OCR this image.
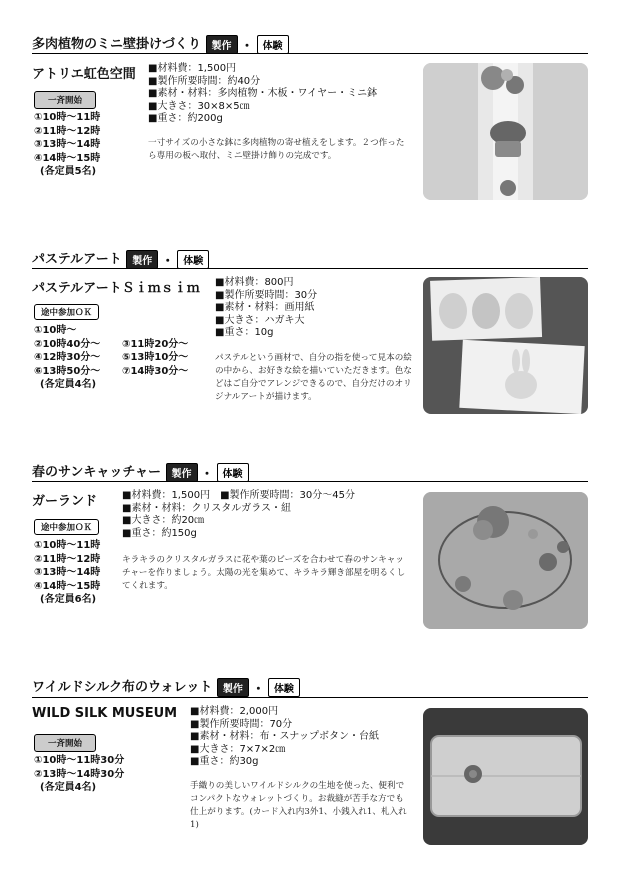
多肉植物のミニ壁掛けづくり 製作 ・ 体験
アトリエ虹色空間
一斉開始
①10時～11時
②11時～12時
③13時～14時
④14時～15時
(各定員5名)
■材料費：1,500円
■製作所要時間：約40分
■素材・材料：多肉植物・木板・ワイヤー・ミニ鉢
■大きさ：30×8×5㎝
■重さ：約200g
一寸サイズの小さな鉢に多肉植物の寄せ植えをします。２つ作ったら専用の板へ取付、ミニ壁掛け飾りの完成です。
パステルアート 製作 ・ 体験
パステルアートＳｉｍｓｉｍ
途中参加ＯＫ
①10時～
②10時40分～
④12時30分～
⑥13時50分～
(各定員4名)
③11時20分～
⑤13時10分～
⑦14時30分～
■材料費：800円
■製作所要時間：30分
■素材・材料：画用紙
■大きさ：ハガキ大
■重さ：10g
パステルという画材で、自分の指を使って見本の絵の中から、お好きな絵を描いていただきます。色などはご自分でアレンジできるので、自分だけのオリジナルアートが描けます。
春のサンキャッチャー 製作 ・ 体験
ガーランド
途中参加ＯＫ
①10時～11時
②11時～12時
③13時～14時
④14時～15時
(各定員6名)
■材料費：1,500円　■製作所要時間：30分～45分
■素材・材料：クリスタルガラス・紐
■大きさ：約20㎝
■重さ：約150g
キラキラのクリスタルガラスに花や葉のビーズを合わせて春のサンキャッチャーを作りましょう。太陽の光を集めて、キラキラ輝き部屋を明るくしてくれます。
ワイルドシルク布のウォレット 製作 ・ 体験
WILD SILK MUSEUM
一斉開始
①10時～11時30分
②13時～14時30分
(各定員4名)
■材料費：2,000円
■製作所要時間：70分
■素材・材料：布・スナップボタン・台紙
■大きさ：7×7×2㎝
■重さ：約30g
手織りの美しいワイルドシルクの生地を使った、便利でコンパクトなウォレットづくり。お裁縫が苦手な方でも仕上がります。(カード入れ内3外1、小銭入れ1、札入れ1)
